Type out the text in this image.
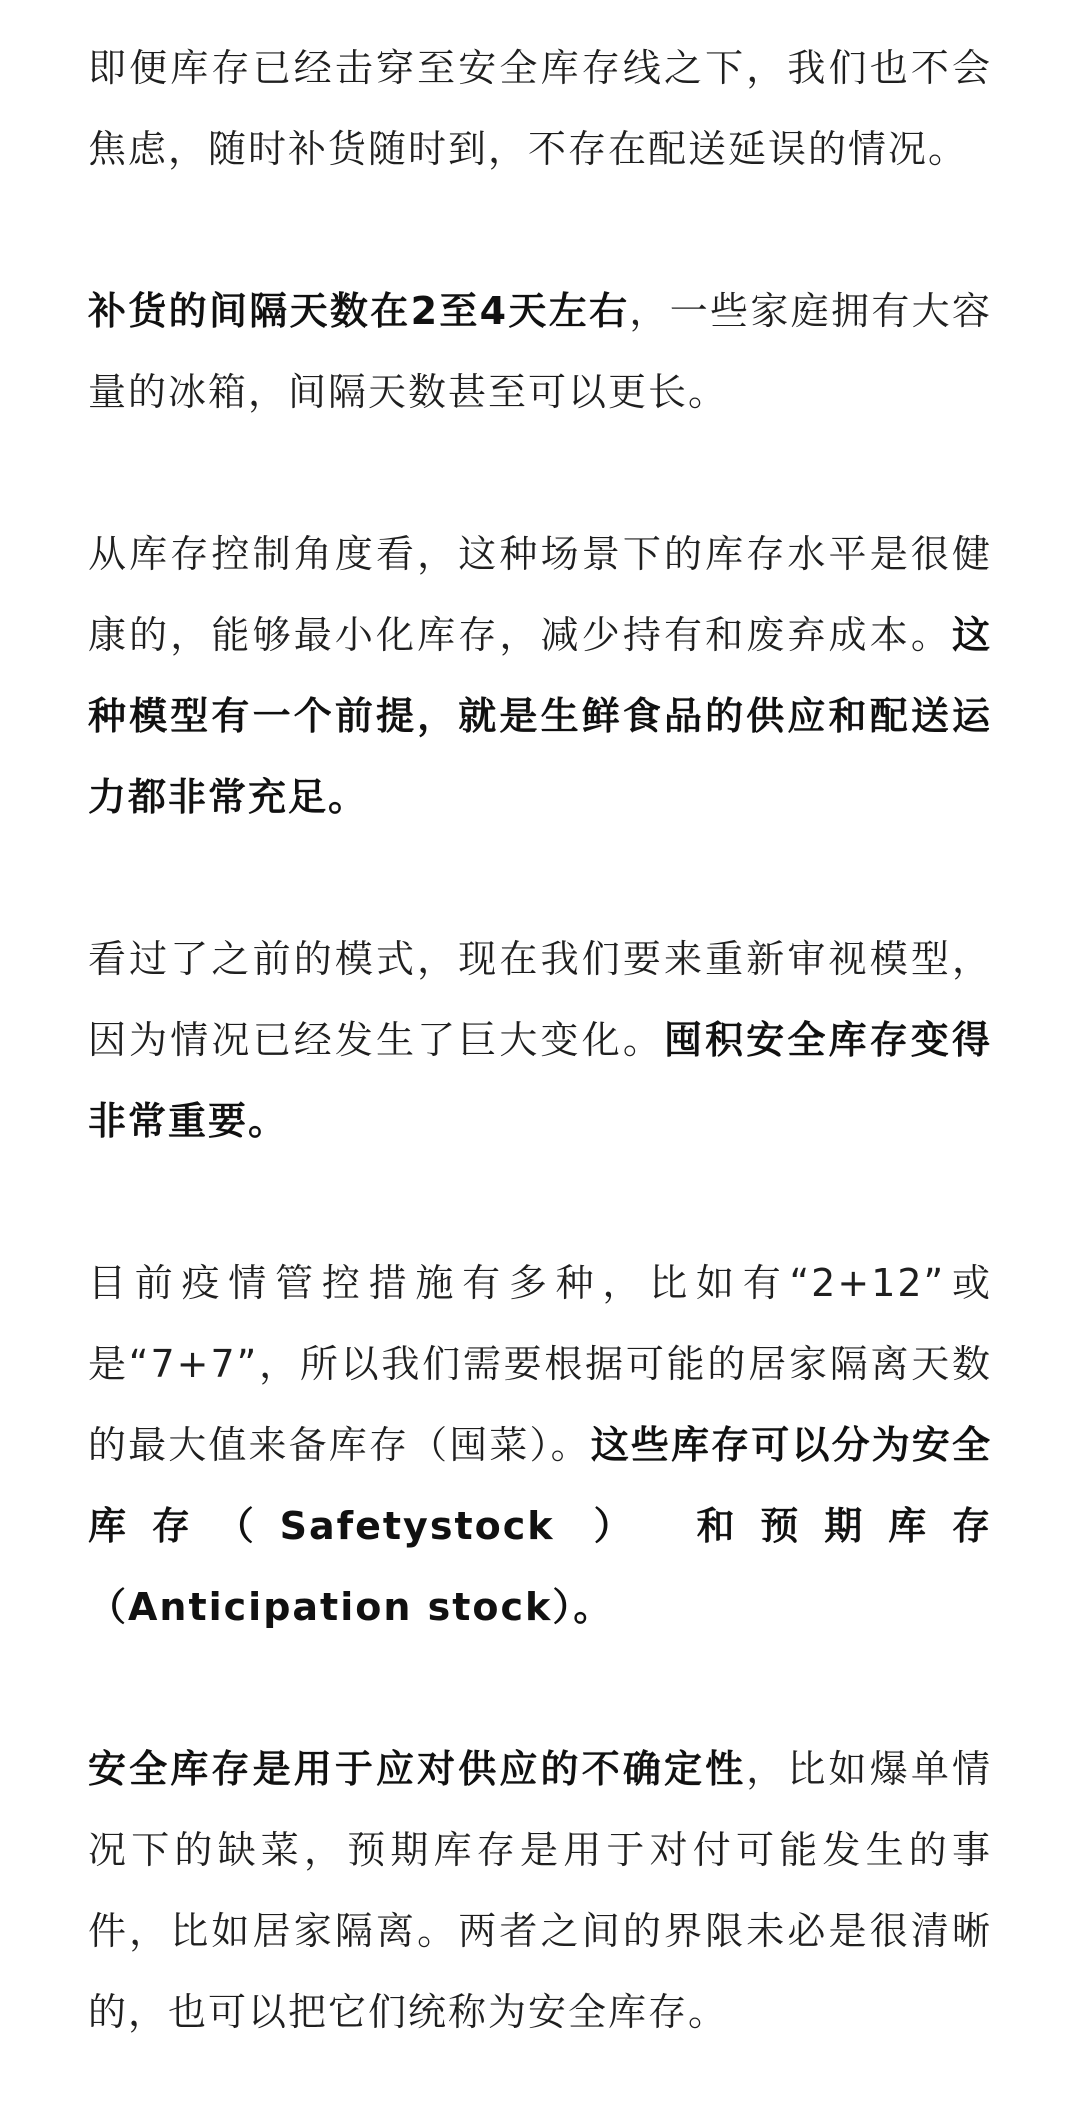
即便库存已经击穿至安全库存线之下，我们也不会焦虑，随时补货随时到，不存在配送延误的情况。

补货的间隔天数在2至4天左右，一些家庭拥有大容量的冰箱，间隔天数甚至可以更长。

从库存控制角度看，这种场景下的库存水平是很健康的，能够最小化库存，减少持有和废弃成本。这种模型有一个前提，就是生鲜食品的供应和配送运力都非常充足。

看过了之前的模式，现在我们要来重新审视模型，因为情况已经发生了巨大变化。囤积安全库存变得非常重要。

目前疫情管控措施有多种，比如有“2+12”或是“7+7”，所以我们需要根据可能的居家隔离天数的最大值来备库存（囤菜）。这些库存可以分为安全库存（Safetystock ） 和预期库存（Anticipation stock）。

安全库存是用于应对供应的不确定性，比如爆单情况下的缺菜，预期库存是用于对付可能发生的事件，比如居家隔离。两者之间的界限未必是很清晰的，也可以把它们统称为安全库存。
